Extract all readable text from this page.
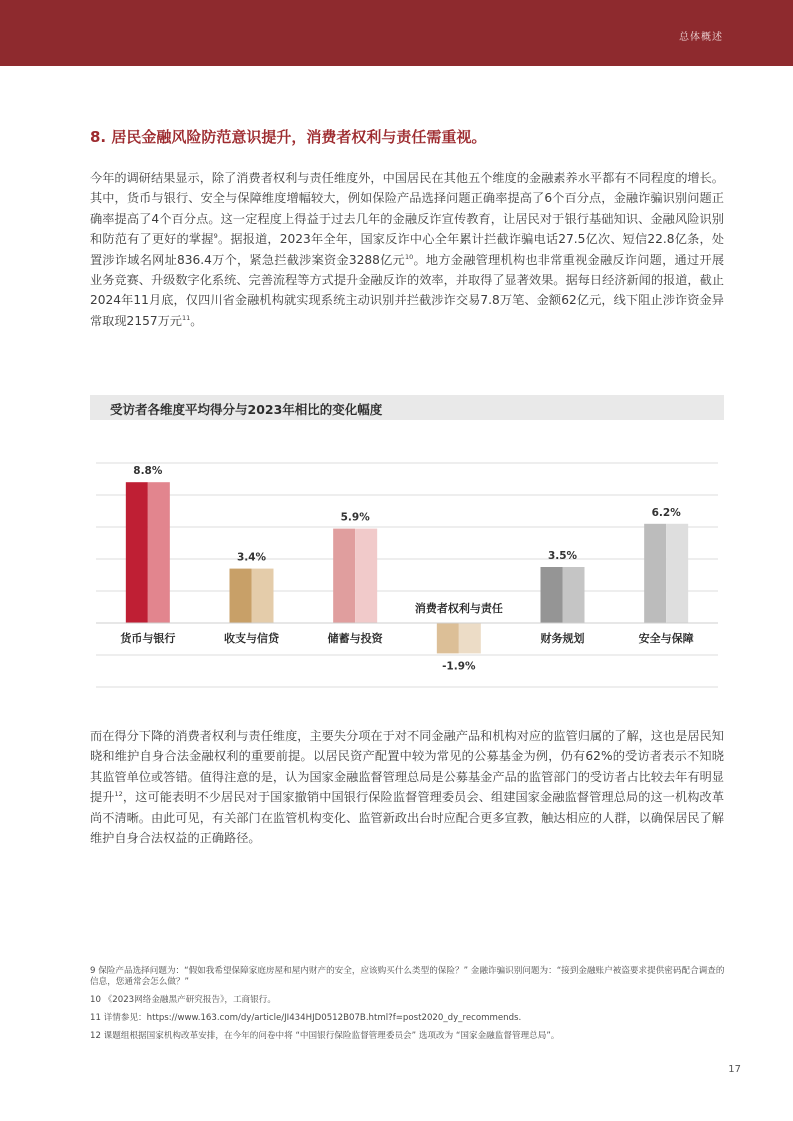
总体概述
8. 居民金融风险防范意识提升，消费者权利与责任需重视。

今年的调研结果显示，除了消费者权利与责任维度外，中国居民在其他五个维度的金融素养水平都有不同程度的增长。其中，货币与银行、安全与保障维度增幅较大，例如保险产品选择问题正确率提高了6个百分点，金融诈骗识别问题正确率提高了4个百分点。这一定程度上得益于过去几年的金融反诈宣传教育，让居民对于银行基础知识、金融风险识别和防范有了更好的掌握$^9$。据报道，2023年全年，国家反诈中心全年累计拦截诈骗电话27.5亿次、短信22.8亿条，处置涉诈域名网址836.4万个，紧急拦截涉案资金3288亿元$^{10}$。地方金融管理机构也非常重视金融反诈问题，通过开展业务竞赛、升级数字化系统、完善流程等方式提升金融反诈的效率，并取得了显著效果。据每日经济新闻的报道，截止2024年11月底，仅四川省金融机构就实现系统主动识别并拦截涉诈交易7.8万笔、金额62亿元，线下阻止涉诈资金异常取现2157万元$^{11}$。

受访者各维度平均得分与2023年相比的变化幅度
8.8%
货币与银行
3.4%
收支与信贷
5.9%
储蓄与投资
-1.9%
消费者权利与责任
3.5%
财务规划
6.2%
安全与保障

而在得分下降的消费者权利与责任维度，主要失分项在于对不同金融产品和机构对应的监管归属的了解，这也是居民知晓和维护自身合法金融权利的重要前提。以居民资产配置中较为常见的公募基金为例，仍有62%的受访者表示不知晓其监管单位或答错。值得注意的是，认为国家金融监督管理总局是公募基金产品的监管部门的受访者占比较去年有明显提升$^{12}$，这可能表明不少居民对于国家撤销中国银行保险监督管理委员会、组建国家金融监督管理总局的这一机构改革尚不清晰。由此可见，有关部门在监管机构变化、监管新政出台时应配合更多宣教，触达相应的人群，以确保居民了解维护自身合法权益的正确路径。

9 保险产品选择问题为：“假如我希望保障家庭房屋和屋内财产的安全，应该购买什么类型的保险？” 金融诈骗识别问题为：“接到金融账户被盗要求提供密码配合调查的信息，您通常会怎么做？”

10 《2023网络金融黑产研究报告》，工商银行。

11 详情参见：https://www.163.com/dy/article/JI434HJD0512B07B.html?f=post2020_dy_recommends.

12 课题组根据国家机构改革安排，在今年的问卷中将 “中国银行保险监督管理委员会” 选项改为 “国家金融监督管理总局”。

17
